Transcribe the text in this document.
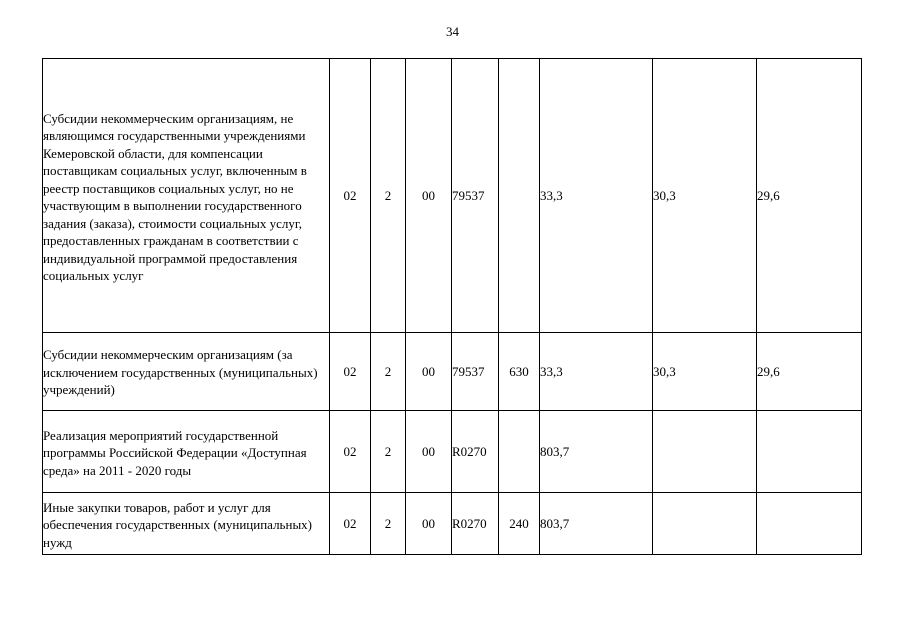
34
Субсидии некоммерческим организациям, не являющимся государственными учреждениями Кемеровской области, для компенсации поставщикам социальных услуг, включенным в реестр поставщиков социальных услуг, но не участвующим в выполнении государственного задания (заказа), стоимости социальных услуг, предоставленных гражданам в соответствии с индивидуальной программой предоставления социальных услуг	02	2	00	79537		33,3	30,3	29,6
Субсидии некоммерческим организациям (за исключением государственных (муниципальных) учреждений)	02	2	00	79537	630	33,3	30,3	29,6
Реализация мероприятий государственной программы Российской Федерации «Доступная среда» на 2011 - 2020 годы	02	2	00	R0270		803,7		
Иные закупки товаров, работ и услуг для обеспечения государственных (муниципальных) нужд	02	2	00	R0270	240	803,7		
